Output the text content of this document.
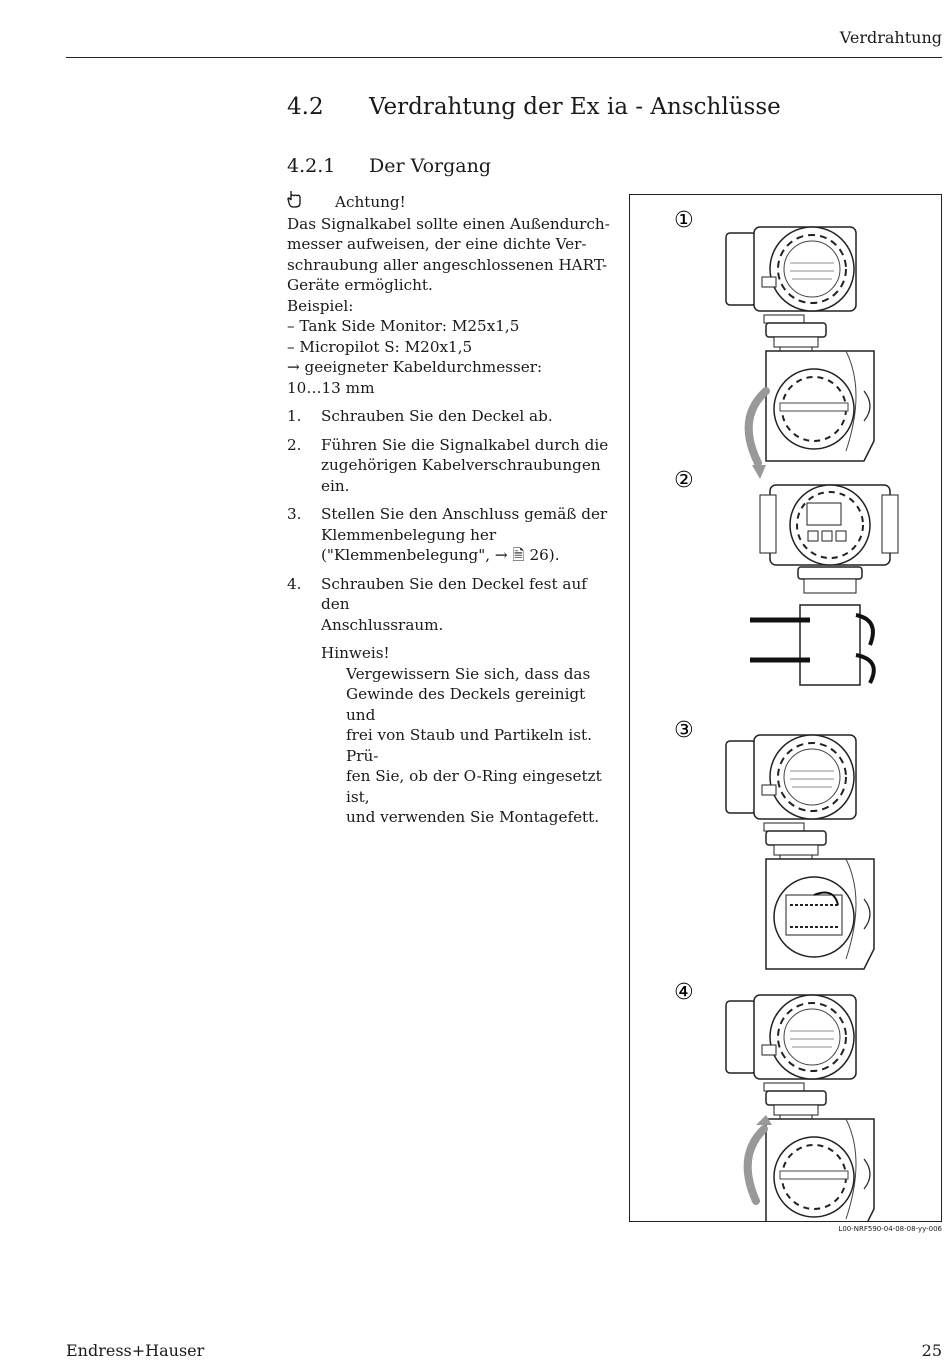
Verdrahtung
4.2 Verdrahtung der Ex ia - Anschlüsse
4.2.1 Der Vorgang
Achtung!

Das Signalkabel sollte einen Außendurch-

messer aufweisen, der eine dichte Ver-

schraubung aller angeschlossenen HART-

Geräte ermöglicht.

Beispiel:

– Tank Side Monitor: M25x1,5

– Micropilot S: M20x1,5

→ geeigneter Kabeldurchmesser:

10…13 mm

1.	Schrauben Sie den Deckel ab.
2.	Führen Sie die Signalkabel durch die
zugehörigen Kabelverschraubungen
ein.
3.	Stellen Sie den Anschluss gemäß der
Klemmenbelegung her
("Klemmenbelegung", → 🗎 26).
4.	Schrauben Sie den Deckel fest auf den
Anschlussraum.
Hinweis!
Vergewissern Sie sich, dass das
Gewinde des Deckels gereinigt und
frei von Staub und Partikeln ist. Prü-
fen Sie, ob der O-Ring eingesetzt ist,
und verwenden Sie Montagefett.
①
②
③
④
L00-NRF590-04-08-08-yy-006
Endress+Hauser	25
